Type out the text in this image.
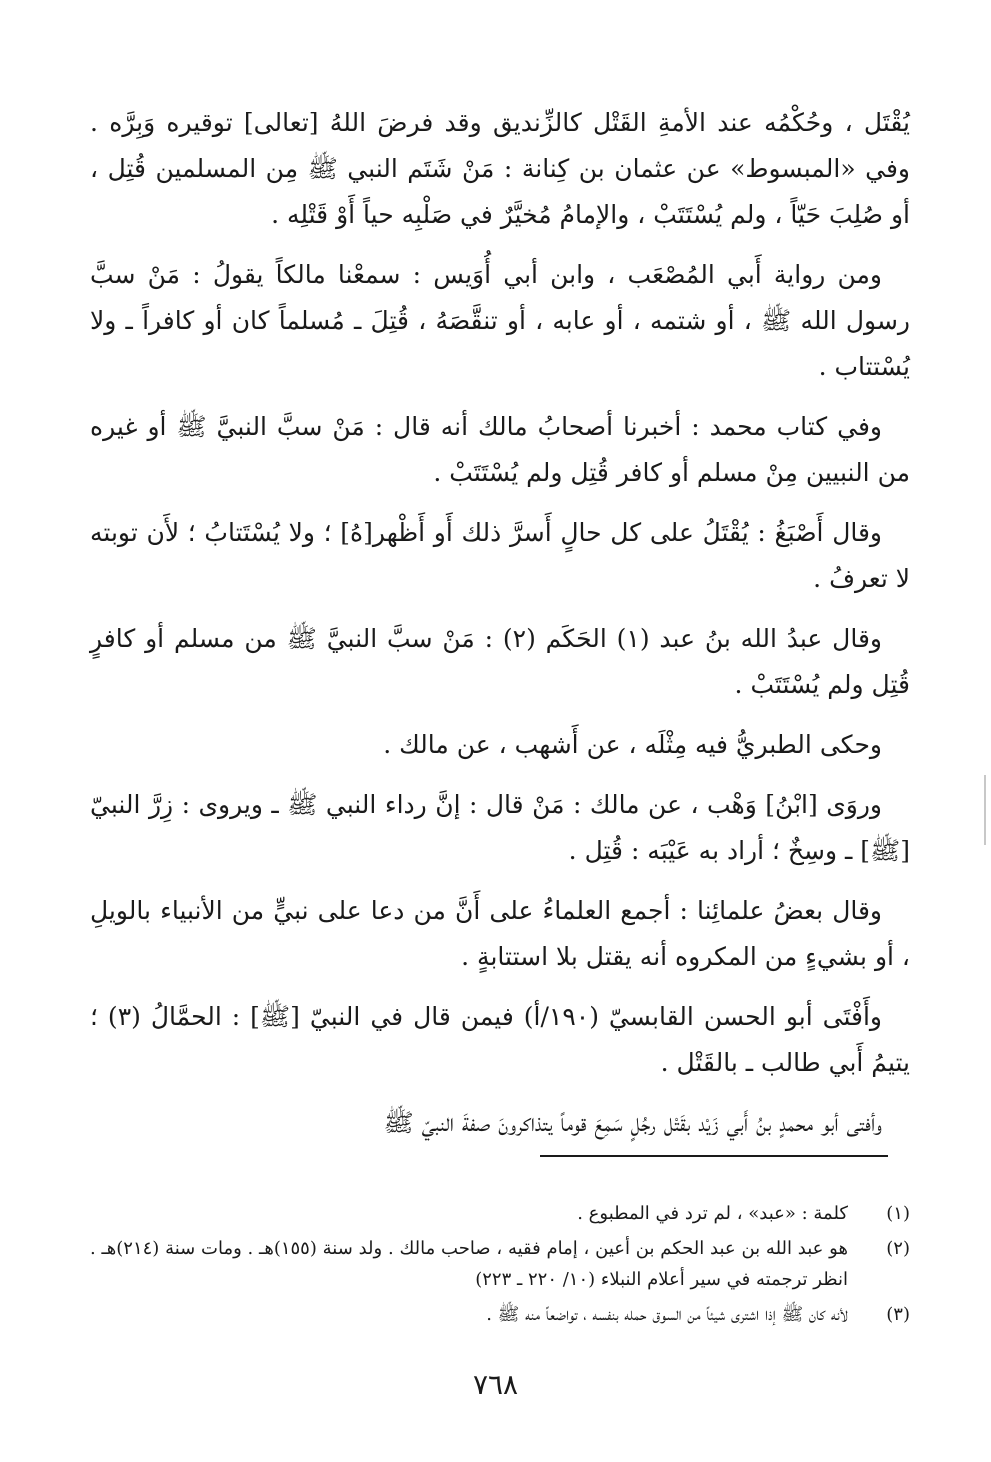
يُقْتَل ، وحُكْمُه عند الأمةِ القَتْل كالزِّنديق وقد فرضَ اللهُ [تعالى] توقيره وَبِرَّه . وفي «المبسوط» عن عثمان بن كِنانة : مَنْ شَتَم النبي ﷺ مِن المسلمين قُتِل ، أو صُلِبَ حَيّاً ، ولم يُسْتَتَبْ ، والإمامُ مُخيَّرٌ في صَلْبِه حياً أَوْ قَتْلِه .

ومن رواية أَبي المُصْعَب ، وابن أبي أُوَيس : سمعْنا مالكاً يقولُ : مَنْ سبَّ رسول الله ﷺ ، أو شتمه ، أو عابه ، أو تنقَّصَهُ ، قُتِلَ ـ مُسلماً كان أو كافراً ـ ولا يُسْتتاب .

وفي كتاب محمد : أخبرنا أصحابُ مالك أنه قال : مَنْ سبَّ النبيَّ ﷺ أو غيره من النبيين مِنْ مسلم أو كافر قُتِل ولم يُسْتَتَبْ .

وقال أَصْبَغُ : يُقْتَلُ على كل حالٍ أَسرَّ ذلك أَو أَظْهر[هُ] ؛ ولا يُسْتَتابُ ؛ لأَن توبته لا تعرفُ .

وقال عبدُ الله بنُ عبد (١) الحَكَم (٢) : مَنْ سبَّ النبيَّ ﷺ من مسلم أو كافرٍ قُتِل ولم يُسْتَتَبْ .

وحكى الطبريُّ فيه مِثْلَه ، عن أَشهب ، عن مالك .

وروَى [ابْنُ] وَهْب ، عن مالك : مَنْ قال : إنَّ رداء النبي ﷺ ـ ويروى : زِرَّ النبيّ [ﷺ] ـ وسِخٌ ؛ أراد به عَيْبَه : قُتِل .

وقال بعضُ علمائِنا : أجمع العلماءُ على أَنَّ من دعا على نبيٍّ من الأنبياء بالويلِ ، أو بشيءٍ من المكروه أنه يقتل بلا استتابةٍ .

وأَفْتَى أبو الحسن القابسيّ (١٩٠/أ) فيمن قال في النبيّ [ﷺ] : الحمَّالُ (٣) ؛ يتيمُ أَبي طالب ـ بالقَتْل .

وأفتى أبو محمدٍ بنُ أَبي زَيْد بقَتْل رجُلٍ سَمِعَ قوماً يتذاكرونَ صفةَ النبيّ ﷺ

(١)
كلمة : «عبد» ، لم ترد في المطبوع .
(٢)
هو عبد الله بن عبد الحكم بن أعين ، إمام فقيه ، صاحب مالك . ولد سنة (١٥٥)هـ . ومات سنة (٢١٤)هـ . انظر ترجمته في سير أعلام النبلاء (١٠/ ٢٢٠ ـ ٢٢٣)
(٣)
لأنه كان ﷺ إذا اشترى شيئاً من السوق حمله بنفسه ، تواضعاً منه ﷺ .
٧٦٨
